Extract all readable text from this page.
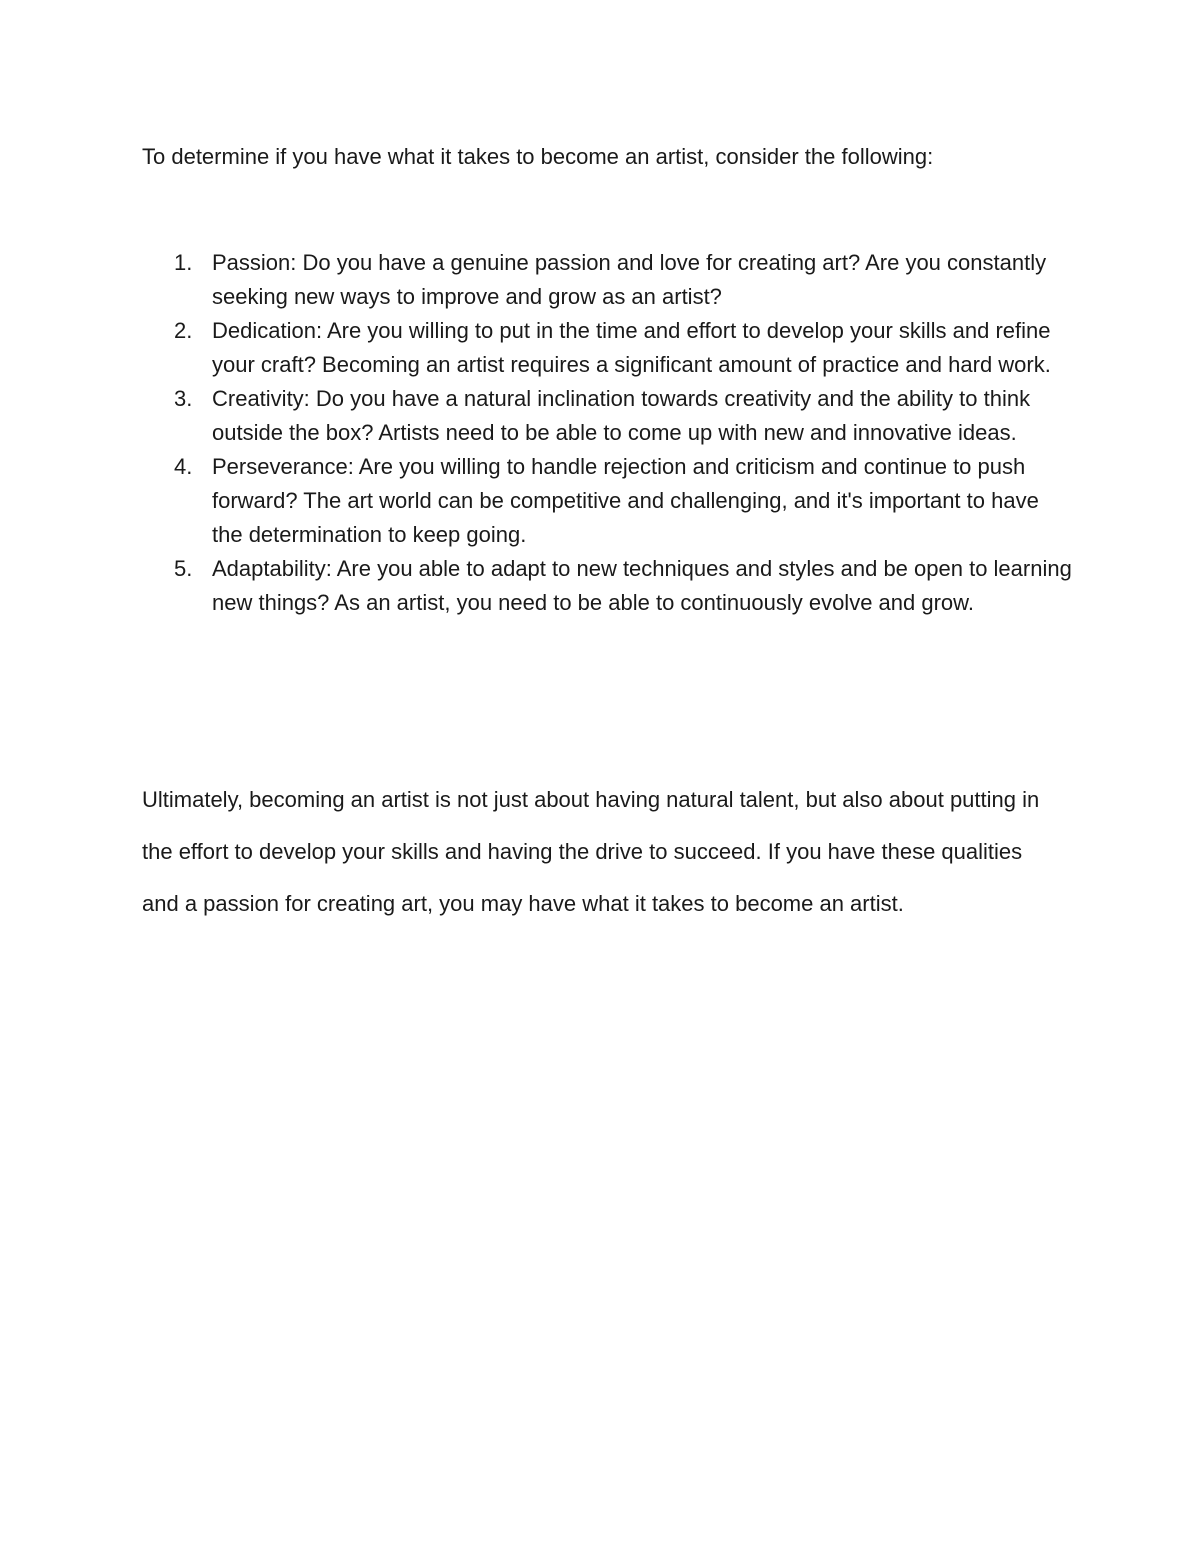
To determine if you have what it takes to become an artist, consider the following:

1. Passion: Do you have a genuine passion and love for creating art? Are you constantly seeking new ways to improve and grow as an artist?
2. Dedication: Are you willing to put in the time and effort to develop your skills and refine your craft? Becoming an artist requires a significant amount of practice and hard work.
3. Creativity: Do you have a natural inclination towards creativity and the ability to think outside the box? Artists need to be able to come up with new and innovative ideas.
4. Perseverance: Are you willing to handle rejection and criticism and continue to push forward? The art world can be competitive and challenging, and it's important to have the determination to keep going.
5. Adaptability: Are you able to adapt to new techniques and styles and be open to learning new things? As an artist, you need to be able to continuously evolve and grow.

Ultimately, becoming an artist is not just about having natural talent, but also about putting in the effort to develop your skills and having the drive to succeed. If you have these qualities and a passion for creating art, you may have what it takes to become an artist.
